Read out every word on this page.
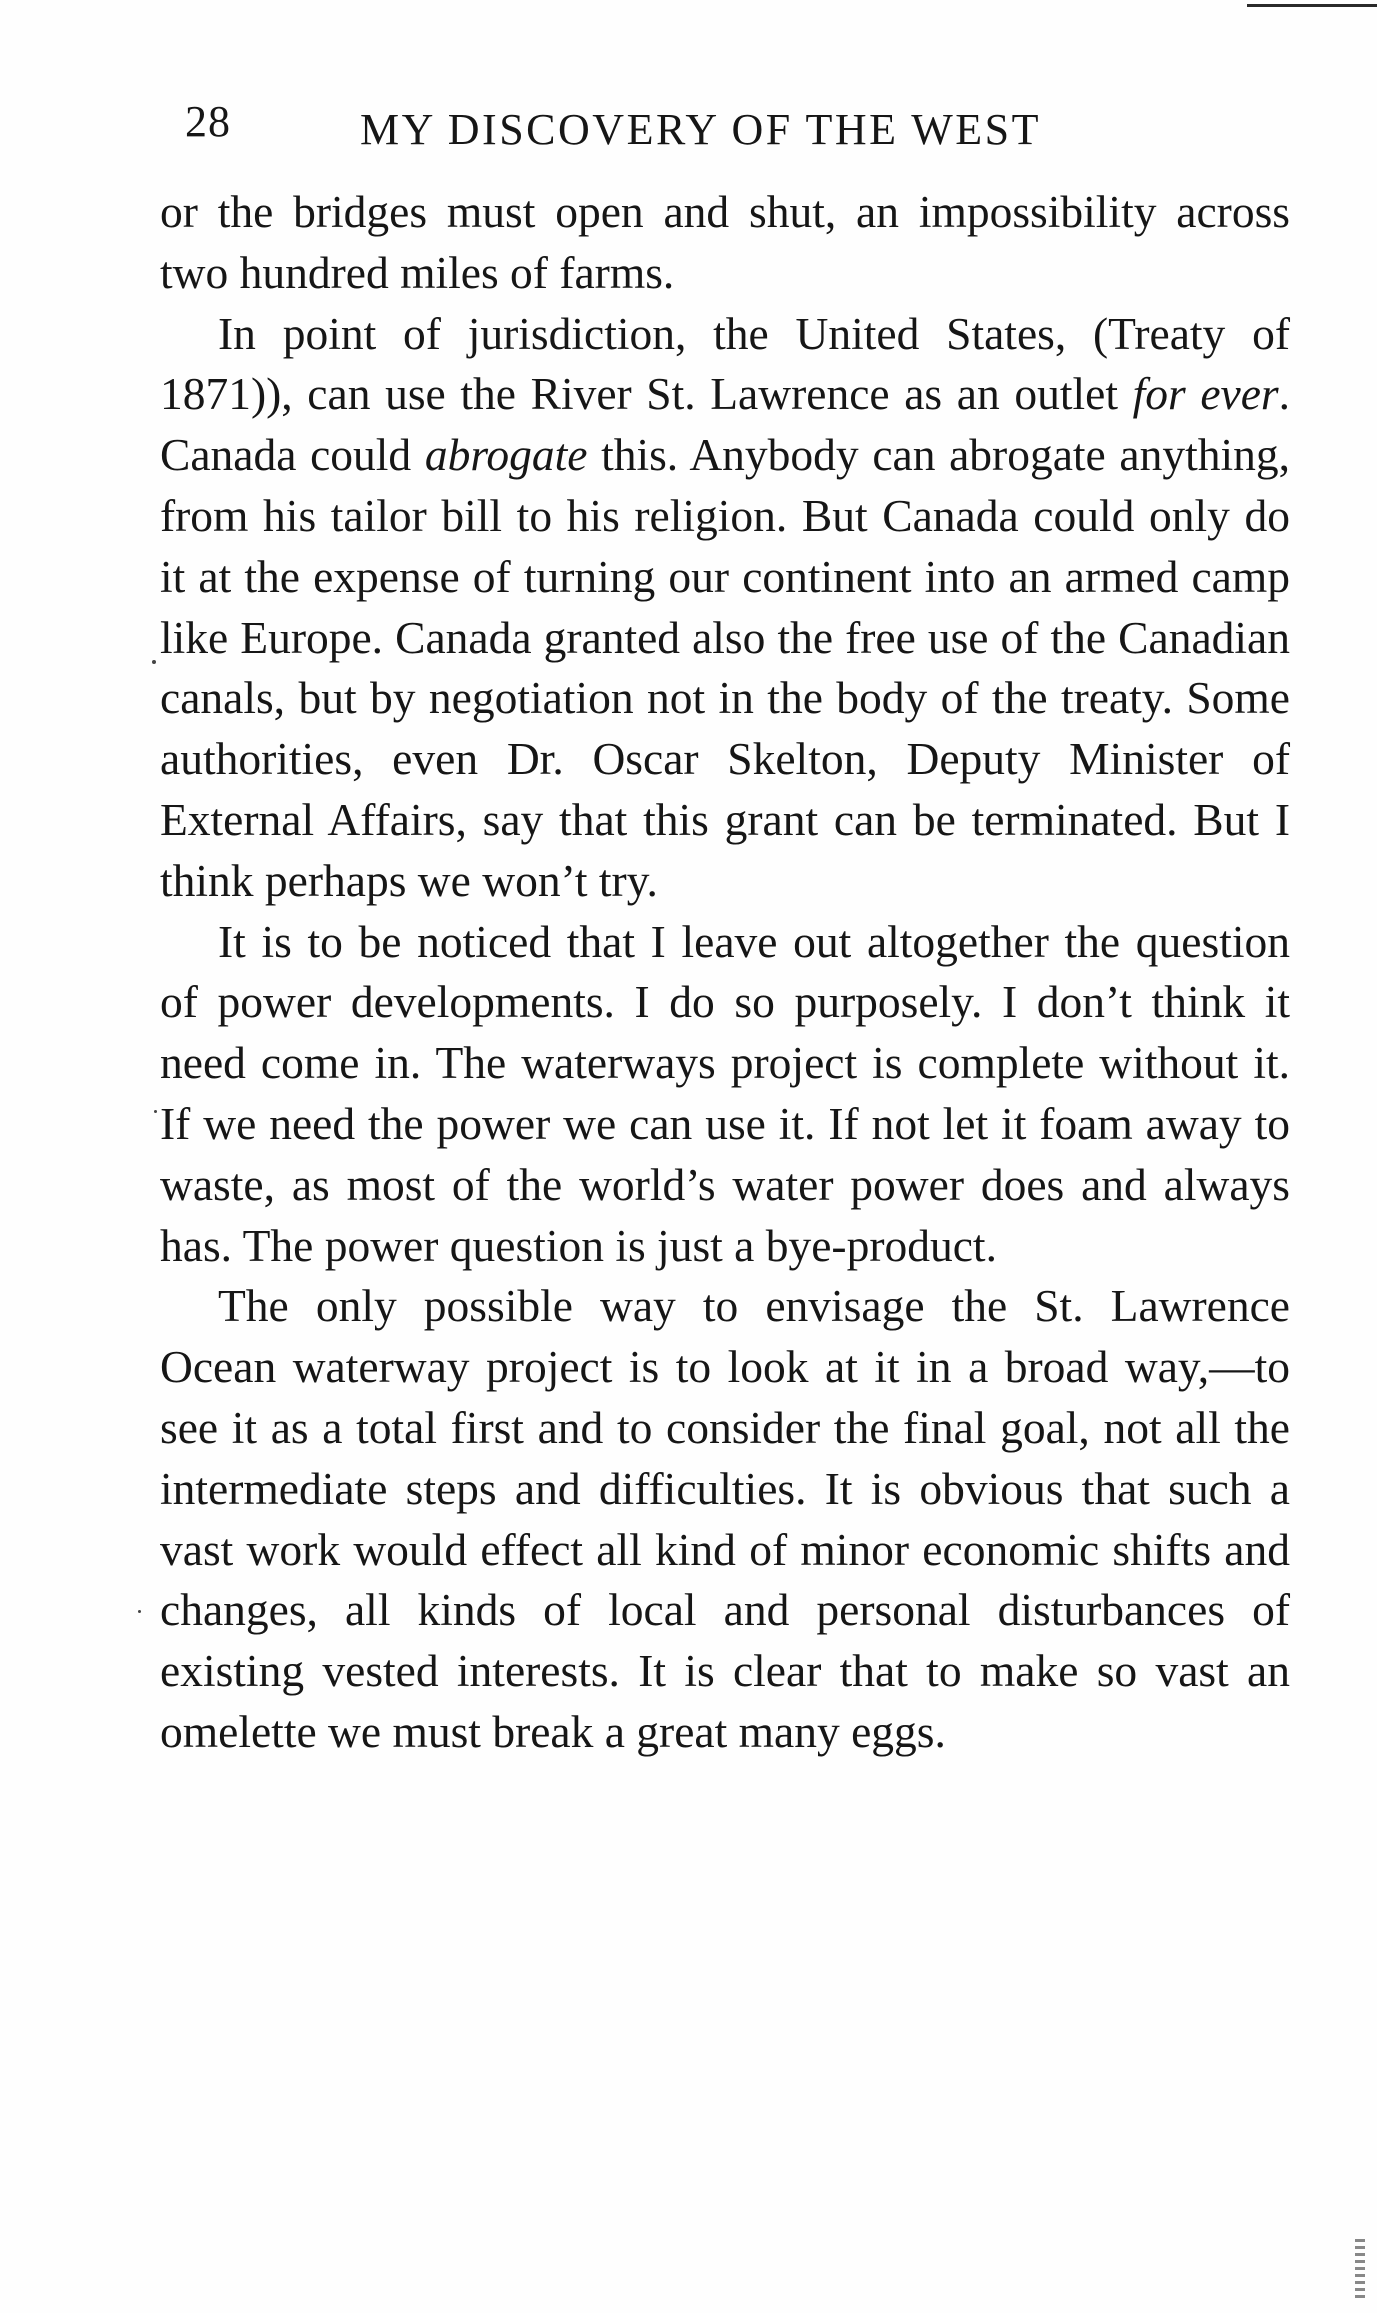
28	MY DISCOVERY OF THE WEST

or the bridges must open and shut, an impossibility across two hundred miles of farms.

In point of jurisdiction, the United States, (Treaty of 1871)), can use the River St. Lawrence as an outlet for ever. Canada could abrogate this. Anybody can abrogate anything, from his tailor bill to his religion. But Canada could only do it at the expense of turning our continent into an armed camp like Europe. Canada granted also the free use of the Canadian canals, but by negotiation not in the body of the treaty. Some authorities, even Dr. Oscar Skelton, Deputy Minister of External Affairs, say that this grant can be terminated. But I think perhaps we won’t try.

It is to be noticed that I leave out altogether the question of power developments. I do so purposely. I don’t think it need come in. The waterways project is complete without it. If we need the power we can use it. If not let it foam away to waste, as most of the world’s water power does and always has. The power question is just a bye-product.

The only possible way to envisage the St. Lawrence Ocean waterway project is to look at it in a broad way,—to see it as a total first and to consider the final goal, not all the intermediate steps and difficulties. It is obvious that such a vast work would effect all kind of minor economic shifts and changes, all kinds of local and personal disturbances of existing vested interests. It is clear that to make so vast an omelette we must break a great many eggs.
